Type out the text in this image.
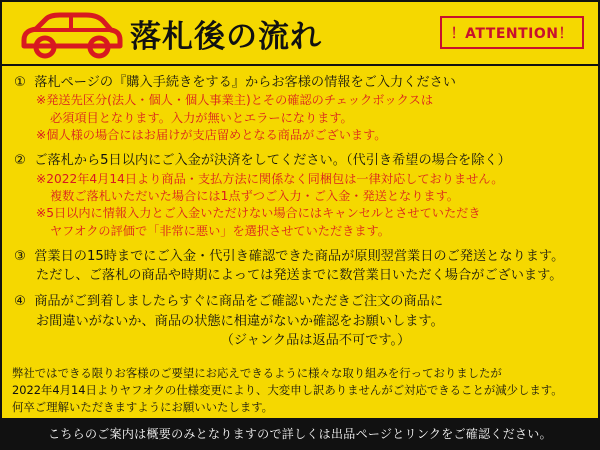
落札後の流れ	！ATTENTION！
① 落札ページの『購入手続きをする』からお客様の情報をご入力ください
※発送先区分(法人・個人・個人事業主)とその確認のチェックボックスは
必須項目となります。入力が無いとエラーになります。
※個人様の場合にはお届けが支店留めとなる商品がございます。
② ご落札から5日以内にご入金が決済をしてください。（代引き希望の場合を除く）
※2022年4月14日より商品・支払方法に関係なく同梱包は一律対応しておりません。
複数ご落札いただいた場合には1点ずつご入力・ご入金・発送となります。
※5日以内に情報入力とご入金いただけない場合にはキャンセルとさせていただき
ヤフオクの評価で「非常に悪い」を選択させていただきます。
③ 営業日の15時までにご入金・代引き確認できた商品が原則翌営業日のご発送となります。
ただし、ご落札の商品や時期によっては発送までに数営業日いただく場合がございます。
④ 商品がご到着しましたらすぐに商品をご確認いただきご注文の商品に
お間違いがないか、商品の状態に相違がないか確認をお願いします。
（ジャンク品は返品不可です。）
弊社ではできる限りお客様のご要望にお応えできるように様々な取り組みを行っておりましたが
2022年4月14日よりヤフオクの仕様変更により、大変申し訳ありませんがご対応できることが減少します。
何卒ご理解いただきますようにお願いいたします。
こちらのご案内は概要のみとなりますので詳しくは出品ページとリンクをご確認ください。
